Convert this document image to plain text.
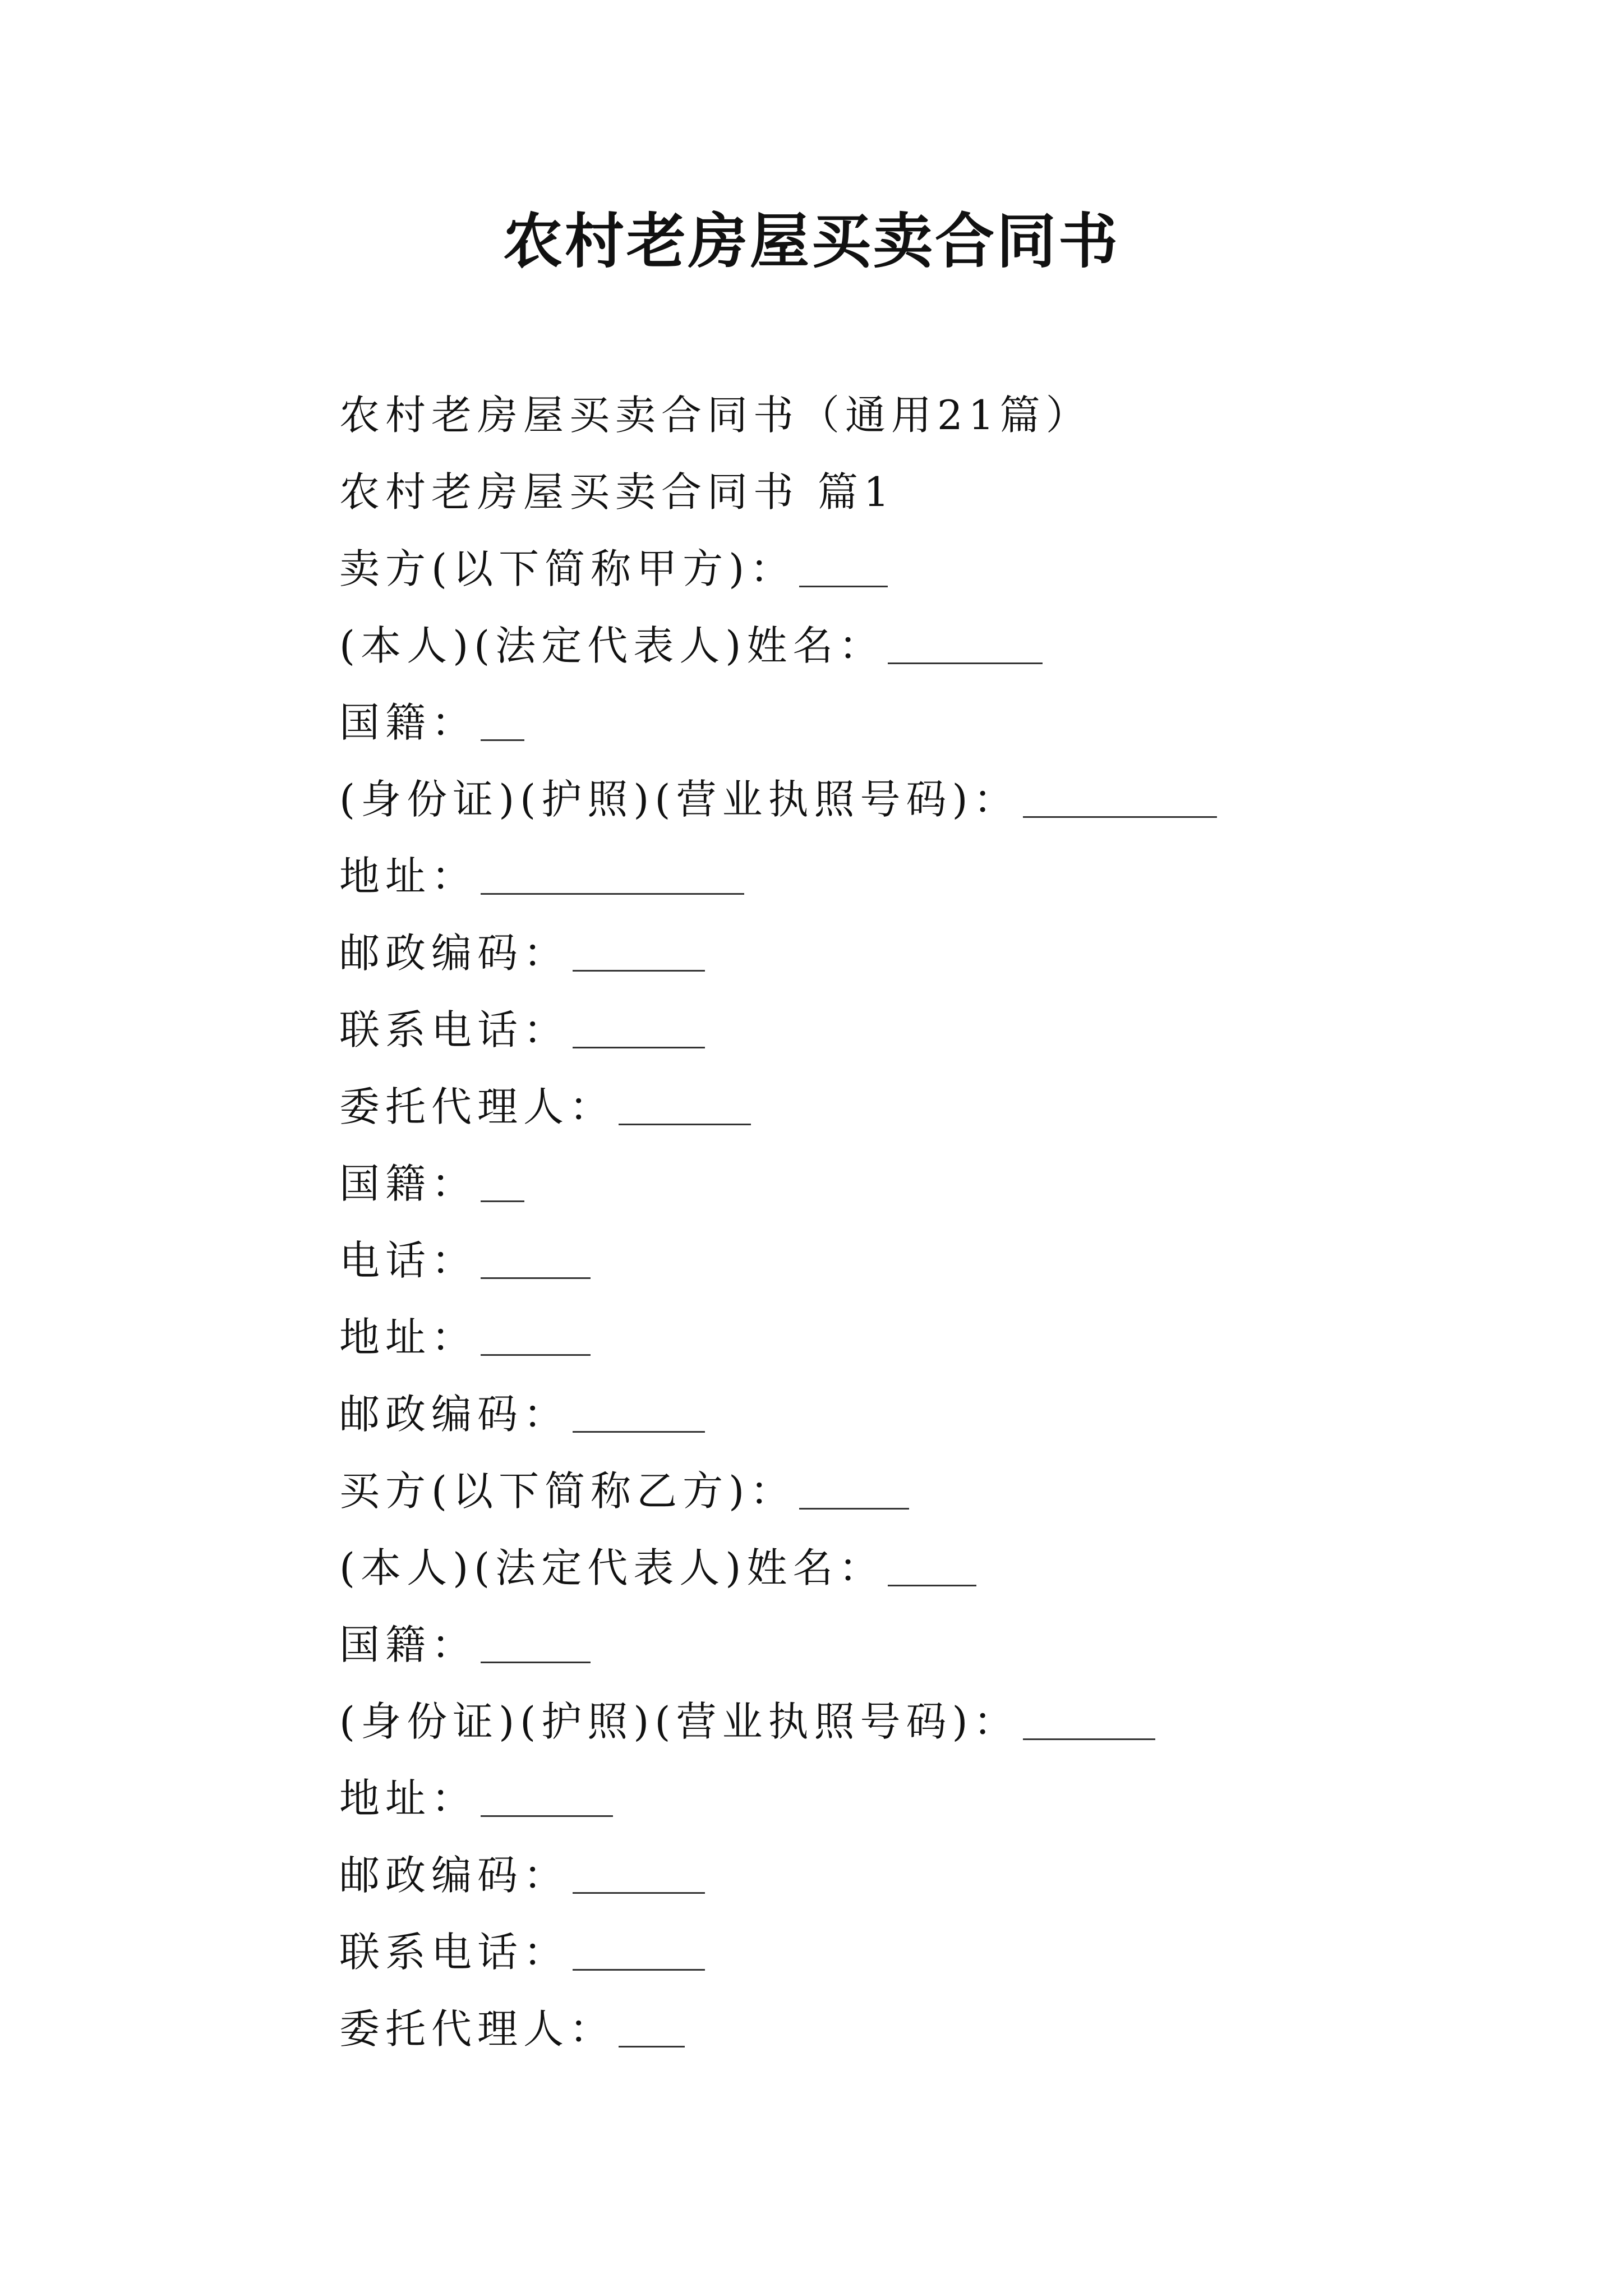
农村老房屋买卖合同书
农村老房屋买卖合同书（通用21篇）
农村老房屋买卖合同书 篇1
卖方(以下简称甲方)：
(本人)(法定代表人)姓名：
国籍：
(身份证)(护照)(营业执照号码)：
地址：
邮政编码：
联系电话：
委托代理人：
国籍：
电话：
地址：
邮政编码：
买方(以下简称乙方)：
(本人)(法定代表人)姓名：
国籍：
(身份证)(护照)(营业执照号码)：
地址：
邮政编码：
联系电话：
委托代理人：
